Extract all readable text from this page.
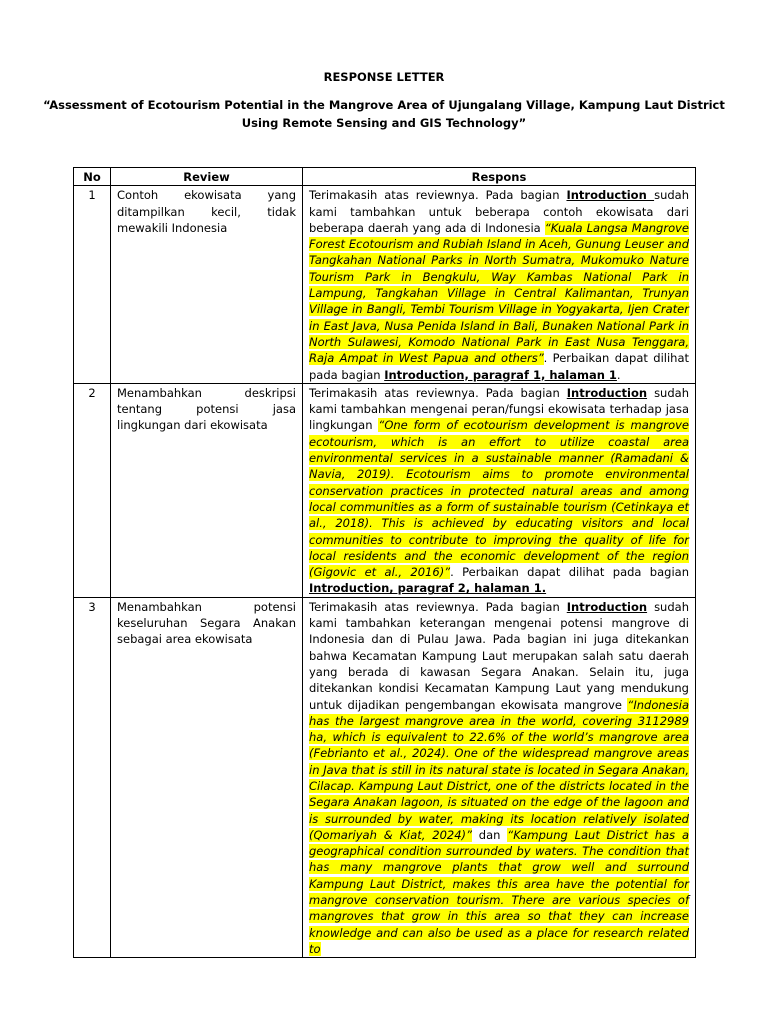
RESPONSE LETTER
“Assessment of Ecotourism Potential in the Mangrove Area of Ujungalang Village, Kampung Laut District
Using Remote Sensing and GIS Technology”
No	Review	Respons
1	Contoh ekowisata yang ditampilkan kecil, tidak mewakili Indonesia	Terimakasih atas reviewnya. Pada bagian Introduction sudah kami tambahkan untuk beberapa contoh ekowisata dari beberapa daerah yang ada di Indonesia “Kuala Langsa Mangrove Forest Ecotourism and Rubiah Island in Aceh, Gunung Leuser and Tangkahan National Parks in North Sumatra, Mukomuko Nature Tourism Park in Bengkulu, Way Kambas National Park in Lampung, Tangkahan Village in Central Kalimantan, Trunyan Village in Bangli, Tembi Tourism Village in Yogyakarta, Ijen Crater in East Java, Nusa Penida Island in Bali, Bunaken National Park in North Sulawesi, Komodo National Park in East Nusa Tenggara, Raja Ampat in West Papua and others”. Perbaikan dapat dilihat pada bagian Introduction, paragraf 1, halaman 1.
2	Menambahkan deskripsi tentang potensi jasa lingkungan dari ekowisata	Terimakasih atas reviewnya. Pada bagian Introduction sudah kami tambahkan mengenai peran/fungsi ekowisata terhadap jasa lingkungan “One form of ecotourism development is mangrove ecotourism, which is an effort to utilize coastal area environmental services in a sustainable manner (Ramadani & Navia, 2019). Ecotourism aims to promote environmental conservation practices in protected natural areas and among local communities as a form of sustainable tourism (Cetinkaya et al., 2018). This is achieved by educating visitors and local communities to contribute to improving the quality of life for local residents and the economic development of the region (Gigovic et al., 2016)”. Perbaikan dapat dilihat pada bagian Introduction, paragraf 2, halaman 1.
3	Menambahkan potensi keseluruhan Segara Anakan sebagai area ekowisata	Terimakasih atas reviewnya. Pada bagian Introduction sudah kami tambahkan keterangan mengenai potensi mangrove di Indonesia dan di Pulau Jawa. Pada bagian ini juga ditekankan bahwa Kecamatan Kampung Laut merupakan salah satu daerah yang berada di kawasan Segara Anakan. Selain itu, juga ditekankan kondisi Kecamatan Kampung Laut yang mendukung untuk dijadikan pengembangan ekowisata mangrove “Indonesia has the largest mangrove area in the world, covering 3112989 ha, which is equivalent to 22.6% of the world’s mangrove area (Febrianto et al., 2024). One of the widespread mangrove areas in Java that is still in its natural state is located in Segara Anakan, Cilacap. Kampung Laut District, one of the districts located in the Segara Anakan lagoon, is situated on the edge of the lagoon and is surrounded by water, making its location relatively isolated (Qomariyah & Kiat, 2024)” dan “Kampung Laut District has a geographical condition surrounded by waters. The condition that has many mangrove plants that grow well and surround Kampung Laut District, makes this area have the potential for mangrove conservation tourism. There are various species of mangroves that grow in this area so that they can increase knowledge and can also be used as a place for research related to
